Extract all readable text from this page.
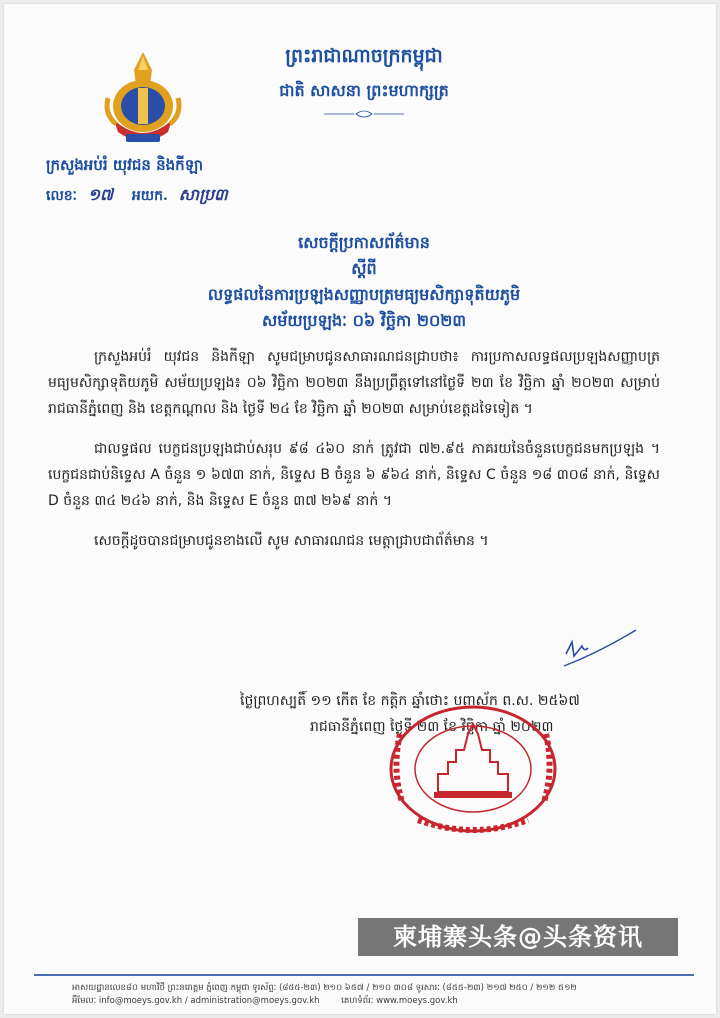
ព្រះរាជាណាចក្រកម្ពុជា
ជាតិ សាសនា ព្រះមហាក្សត្រ
ក្រសួងអប់រំ យុវជន និងកីឡា
លេខៈ ១៧ អយក. សាប្រ៣
សេចក្តីប្រកាសព័ត៌មាន
ស្តីពី
លទ្ធផលនៃការប្រឡងសញ្ញាបត្រមធ្យមសិក្សាទុតិយភូមិ
សម័យប្រឡងៈ ០៦ វិច្ឆិកា ២០២៣

ក្រសួងអប់រំ យុវជន និងកីឡា សូមជម្រាបជូនសាធារណជនជ្រាបថា៖ ការប្រកាសលទ្ធផលប្រឡងសញ្ញាបត្រមធ្យមសិក្សាទុតិយភូមិ សម័យប្រឡង៖ ០៦ វិច្ឆិកា ២០២៣ នឹងប្រព្រឹត្តទៅនៅថ្ងៃទី ២៣ ខែ វិច្ឆិកា ឆ្នាំ ២០២៣ សម្រាប់ រាជធានីភ្នំពេញ និង ខេត្តកណ្តាល និង ថ្ងៃទី ២៤ ខែ វិច្ឆិកា ឆ្នាំ ២០២៣ សម្រាប់ខេត្តដទៃទៀត ។

ជាលទ្ធផល បេក្ខជនប្រឡងជាប់សរុប ៩៨ ៤៦០ នាក់ ត្រូវជា ៧២.៩៥ ភាគរយនៃចំនួនបេក្ខជនមកប្រឡង ។ បេក្ខជនជាប់និទ្ទេស A ចំនួន ១ ៦៧៣ នាក់, និទ្ទេស B ចំនួន ៦ ៩៦៤ នាក់, និទ្ទេស C ចំនួន ១៨ ៣០៨ នាក់, និទ្ទេស D ចំនួន ៣៤ ២៤៦ នាក់, និង និទ្ទេស E ចំនួន ៣៧ ២៦៩ នាក់ ។

សេចក្តីដូចបានជម្រាបជូនខាងលើ សូម សាធារណជន មេត្តាជ្រាបជាព័ត៌មាន ។

ថ្ងៃព្រហស្បតិ៍ ១១ កើត ខែ កត្តិក ឆ្នាំថោះ បញ្ចស័ក ព.ស. ២៥៦៧
រាជធានីភ្នំពេញ ថ្ងៃទី ២៣ ខែ វិច្ឆិកា ឆ្នាំ ២០២៣
柬埔寨头条@头条资讯
អាសយដ្ឋានលេខ៨០ មហាវិថី ព្រះនរោត្តម ភ្នំពេញ កម្ពុជា ទូរស័ព្ទៈ (៨៥៥-២៣) ២១០ ៦៥៧ / ២១០ ៣០៨ ទូរសារៈ (៨៥៥-២៣) ២១៧ ២៥០ / ២១២ ៥១២
អ៊ីមែលៈ info@moeys.gov.kh / administration@moeys.gov.kh	គេហទំព័រៈ www.moeys.gov.kh
